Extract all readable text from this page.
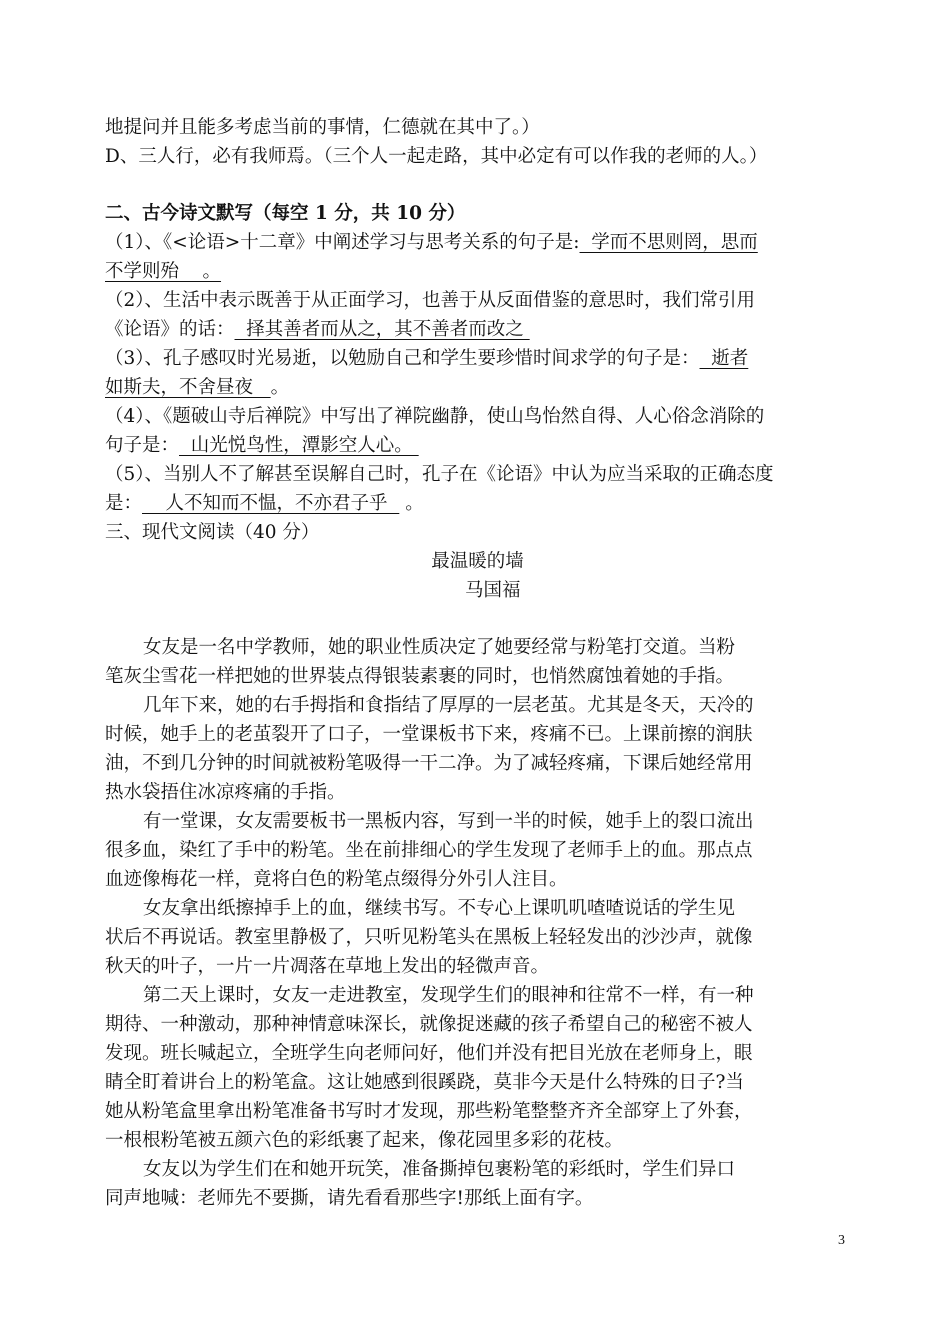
地提问并且能多考虑当前的事情，仁德就在其中了。）
D、三人行，必有我师焉。（三个人一起走路，其中必定有可以作我的老师的人。）
二、古今诗文默写（每空 1 分，共 10 分）
（1）、《<论语>十二章》中阐述学习与思考关系的句子是:  学而不思则罔，思而
不学则殆    。
（2）、生活中表示既善于从正面学习，也善于从反面借鉴的意思时，我们常引用
《论语》的话：  择其善者而从之，其不善者而改之
（3）、孔子感叹时光易逝，以勉励自己和学生要珍惜时间求学的句子是：  逝者
如斯夫，不舍昼夜   。
（4）、《题破山寺后禅院》中写出了禅院幽静，使山鸟怡然自得、人心俗念消除的
句子是：  山光悦鸟性，潭影空人心。
（5）、当别人不了解甚至误解自己时，孔子在《论语》中认为应当采取的正确态度
是：    人不知而不愠，不亦君子乎   。
三、现代文阅读（40 分）
最温暖的墙
马国福
女友是一名中学教师，她的职业性质决定了她要经常与粉笔打交道。当粉
笔灰尘雪花一样把她的世界装点得银装素裹的同时，也悄然腐蚀着她的手指。
几年下来，她的右手拇指和食指结了厚厚的一层老茧。尤其是冬天，天冷的
时候，她手上的老茧裂开了口子，一堂课板书下来，疼痛不已。上课前擦的润肤
油，不到几分钟的时间就被粉笔吸得一干二净。为了减轻疼痛，下课后她经常用
热水袋捂住冰凉疼痛的手指。
有一堂课，女友需要板书一黑板内容，写到一半的时候，她手上的裂口流出
很多血，染红了手中的粉笔。坐在前排细心的学生发现了老师手上的血。那点点
血迹像梅花一样，竟将白色的粉笔点缀得分外引人注目。
女友拿出纸擦掉手上的血，继续书写。不专心上课叽叽喳喳说话的学生见
状后不再说话。教室里静极了，只听见粉笔头在黑板上轻轻发出的沙沙声，就像
秋天的叶子，一片一片凋落在草地上发出的轻微声音。
第二天上课时，女友一走进教室，发现学生们的眼神和往常不一样，有一种
期待、一种激动，那种神情意味深长，就像捉迷藏的孩子希望自己的秘密不被人
发现。班长喊起立，全班学生向老师问好，他们并没有把目光放在老师身上，眼
睛全盯着讲台上的粉笔盒。这让她感到很蹊跷，莫非今天是什么特殊的日子?当
她从粉笔盒里拿出粉笔准备书写时才发现，那些粉笔整整齐齐全部穿上了外套，
一根根粉笔被五颜六色的彩纸裹了起来，像花园里多彩的花枝。
女友以为学生们在和她开玩笑，准备撕掉包裹粉笔的彩纸时，学生们异口
同声地喊：老师先不要撕，请先看看那些字!那纸上面有字。
3
